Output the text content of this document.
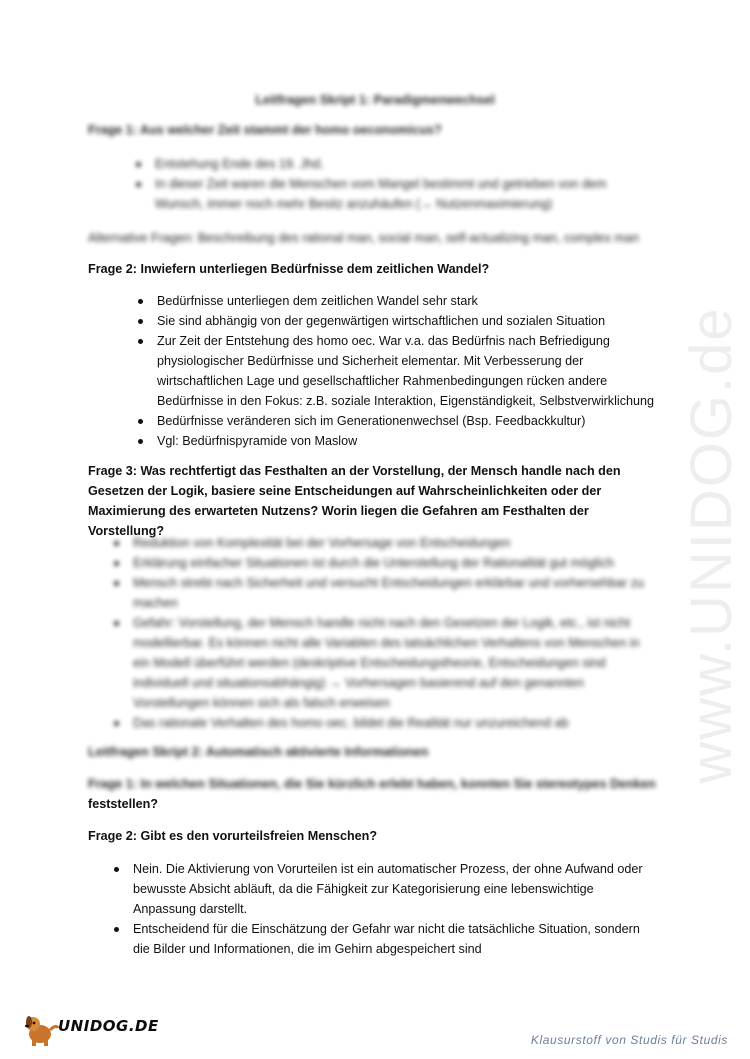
www.UNIDOG.de
Leitfragen Skript 1: Paradigmenwechsel

Frage 1: Aus welcher Zeit stammt der homo oeconomicus?

Entstehung Ende des 19. Jhd.
In dieser Zeit waren die Menschen vom Mangel bestimmt und getrieben von dem Wunsch, immer noch mehr Besitz anzuhäufen (→ Nutzenmaximierung)

Alternative Fragen: Beschreibung des rational man, social man, self-actualizing man, complex man

Frage 2: Inwiefern unterliegen Bedürfnisse dem zeitlichen Wandel?

Bedürfnisse unterliegen dem zeitlichen Wandel sehr stark
Sie sind abhängig von der gegenwärtigen wirtschaftlichen und sozialen Situation
Zur Zeit der Entstehung des homo oec. War v.a. das Bedürfnis nach Befriedigung physiologischer Bedürfnisse und Sicherheit elementar. Mit Verbesserung der wirtschaftlichen Lage und gesellschaftlicher Rahmenbedingungen rücken andere Bedürfnisse in den Fokus: z.B. soziale Interaktion, Eigenständigkeit, Selbstverwirklichung
Bedürfnisse veränderen sich im Generationenwechsel (Bsp. Feedbackkultur)
Vgl: Bedürfnispyramide von Maslow

Frage 3: Was rechtfertigt das Festhalten an der Vorstellung, der Mensch handle nach den Gesetzen der Logik, basiere seine Entscheidungen auf Wahrscheinlichkeiten oder der Maximierung des erwarteten Nutzens? Worin liegen die Gefahren am Festhalten der Vorstellung?

Reduktion von Komplexität bei der Vorhersage von Entscheidungen
Erklärung einfacher Situationen ist durch die Unterstellung der Rationalität gut möglich
Mensch strebt nach Sicherheit und versucht Entscheidungen erklärbar und vorhersehbar zu machen
Gefahr: Vorstellung, der Mensch handle nicht nach den Gesetzen der Logik, etc., ist nicht modellierbar. Es können nicht alle Variablen des tatsächlichen Verhaltens von Menschen in ein Modell überführt werden (deskriptive Entscheidungstheorie, Entscheidungen sind individuell und situationsabhängig) → Vorhersagen basierend auf den genannten Vorstellungen können sich als falsch erweisen
Das rationale Verhalten des homo oec. bildet die Realität nur unzureichend ab

Leitfragen Skript 2: Automatisch aktivierte Informationen

Frage 1: In welchen Situationen, die Sie kürzlich erlebt haben, konnten Sie stereotypes Denken

feststellen?

Frage 2: Gibt es den vorurteilsfreien Menschen?

Nein. Die Aktivierung von Vorurteilen ist ein automatischer Prozess, der ohne Aufwand oder bewusste Absicht abläuft, da die Fähigkeit zur Kategorisierung eine lebenswichtige Anpassung darstellt.
Entscheidend für die Einschätzung der Gefahr war nicht die tatsächliche Situation, sondern die Bilder und Informationen, die im Gehirn abgespeichert sind
UNIDOG.DE
Klausurstoff von Studis für Studis
